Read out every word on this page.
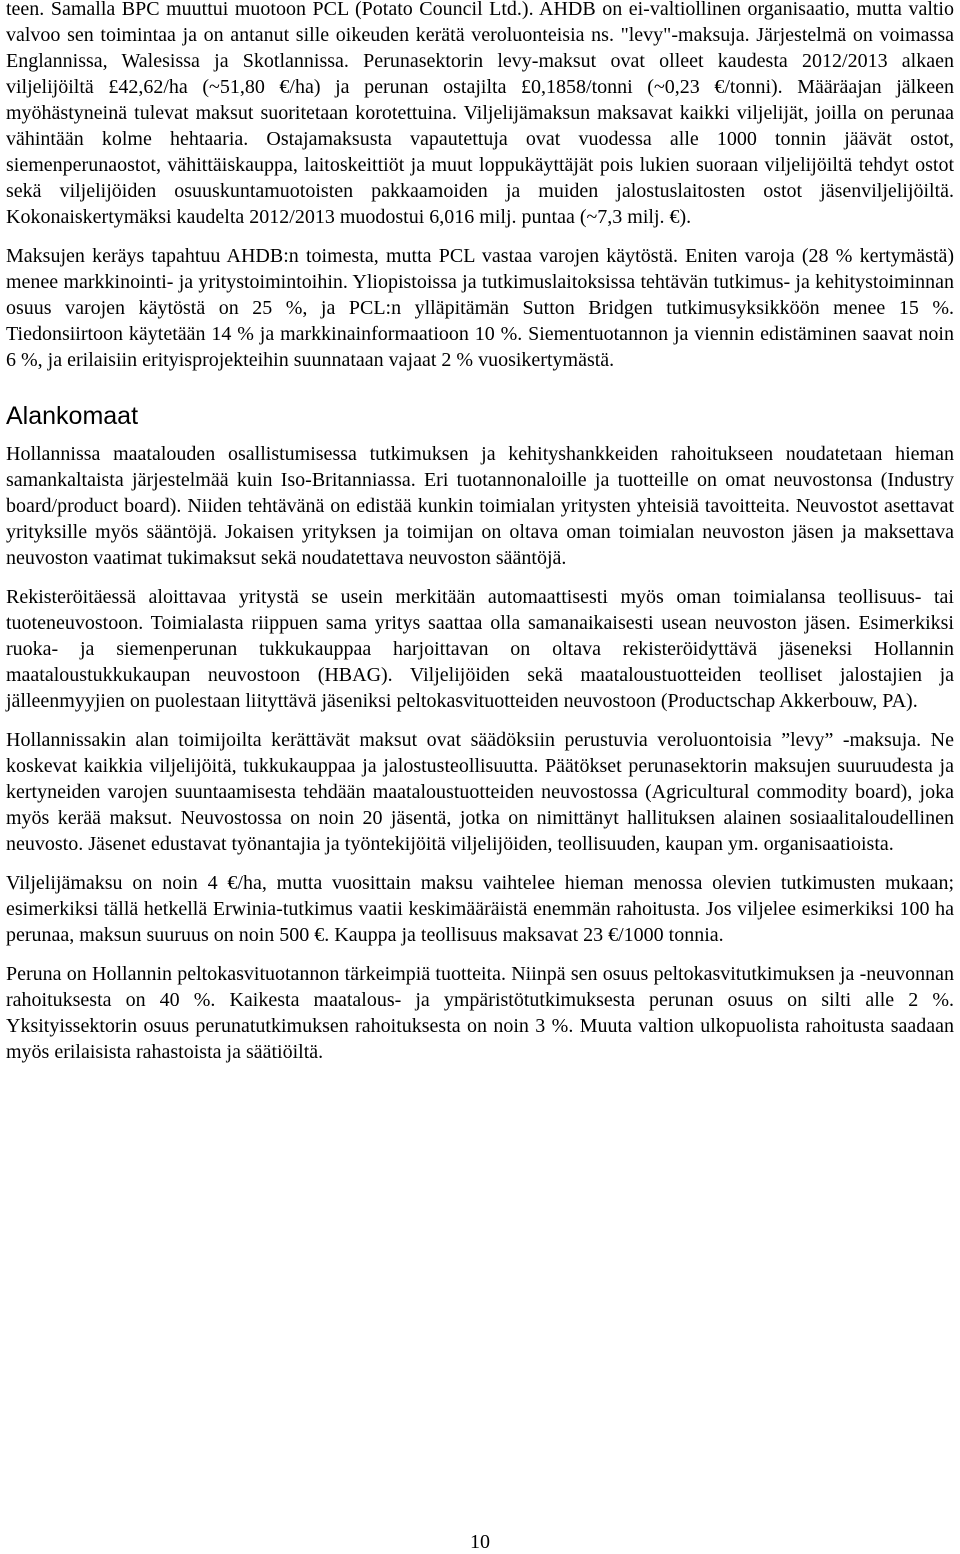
teen. Samalla BPC muuttui muotoon PCL (Potato Council Ltd.). AHDB on ei-valtiollinen organisaatio, mutta valtio valvoo sen toimintaa ja on antanut sille oikeuden kerätä veroluonteisia ns. "levy"-maksuja. Järjestelmä on voimassa Englannissa, Walesissa ja Skotlannissa. Perunasektorin levy-maksut ovat olleet kaudesta 2012/2013 alkaen viljelijöiltä £42,62/ha (~51,80 €/ha) ja perunan ostajilta £0,1858/tonni (~0,23 €/tonni). Määräajan jälkeen myöhästyneinä tulevat maksut suoritetaan korotettuina. Viljelijämaksun maksavat kaikki viljelijät, joilla on perunaa vähintään kolme hehtaaria. Ostajamaksusta vapautettuja ovat vuodessa alle 1000 tonnin jäävät ostot, siemenperunaostot, vähittäiskauppa, laitoskeittiöt ja muut loppukäyttäjät pois lukien suoraan viljelijöiltä tehdyt ostot sekä viljelijöiden osuuskuntamuotoisten pakkaamoiden ja muiden jalostuslaitosten ostot jäsenviljelijöiltä. Kokonaiskertymäksi kaudelta 2012/2013 muodostui 6,016 milj. puntaa (~7,3 milj. €).

Maksujen keräys tapahtuu AHDB:n toimesta, mutta PCL vastaa varojen käytöstä. Eniten varoja (28 % kertymästä) menee markkinointi- ja yritystoimintoihin. Yliopistoissa ja tutkimuslaitoksissa tehtävän tutkimus- ja kehitystoiminnan osuus varojen käytöstä on 25 %, ja PCL:n ylläpitämän Sutton Bridgen tutkimusyksikköön menee 15 %. Tiedonsiirtoon käytetään 14 % ja markkinainformaatioon 10 %. Siementuotannon ja viennin edistäminen saavat noin 6 %, ja erilaisiin erityisprojekteihin suunnataan vajaat 2 % vuosikertymästä.

Alankomaat

Hollannissa maatalouden osallistumisessa tutkimuksen ja kehityshankkeiden rahoitukseen noudatetaan hieman samankaltaista järjestelmää kuin Iso-Britanniassa. Eri tuotannonaloille ja tuotteille on omat neuvostonsa (Industry board/product board). Niiden tehtävänä on edistää kunkin toimialan yritysten yhteisiä tavoitteita. Neuvostot asettavat yrityksille myös sääntöjä. Jokaisen yrityksen ja toimijan on oltava oman toimialan neuvoston jäsen ja maksettava neuvoston vaatimat tukimaksut sekä noudatettava neuvoston sääntöjä.

Rekisteröitäessä aloittavaa yritystä se usein merkitään automaattisesti myös oman toimialansa teollisuus- tai tuoteneuvostoon. Toimialasta riippuen sama yritys saattaa olla samanaikaisesti usean neuvoston jäsen. Esimerkiksi ruoka- ja siemenperunan tukkukauppaa harjoittavan on oltava rekisteröidyttävä jäseneksi Hollannin maataloustukkukaupan neuvostoon (HBAG). Viljelijöiden sekä maataloustuotteiden teolliset jalostajien ja jälleenmyyjien on puolestaan liityttävä jäseniksi peltokasvituotteiden neuvostoon (Productschap Akkerbouw, PA).

Hollannissakin alan toimijoilta kerättävät maksut ovat säädöksiin perustuvia veroluontoisia ”levy” -maksuja. Ne koskevat kaikkia viljelijöitä, tukkukauppaa ja jalostusteollisuutta. Päätökset perunasektorin maksujen suuruudesta ja kertyneiden varojen suuntaamisesta tehdään maataloustuotteiden neuvostossa (Agricultural commodity board), joka myös kerää maksut. Neuvostossa on noin 20 jäsentä, jotka on nimittänyt hallituksen alainen sosiaalitaloudellinen neuvosto. Jäsenet edustavat työnantajia ja työntekijöitä viljelijöiden, teollisuuden, kaupan ym. organisaatioista.

Viljelijämaksu on noin 4 €/ha, mutta vuosittain maksu vaihtelee hieman menossa olevien tutkimusten mukaan; esimerkiksi tällä hetkellä Erwinia-tutkimus vaatii keskimääräistä enemmän rahoitusta. Jos viljelee esimerkiksi 100 ha perunaa, maksun suuruus on noin 500 €. Kauppa ja teollisuus maksavat 23 €/1000 tonnia.

Peruna on Hollannin peltokasvituotannon tärkeimpiä tuotteita. Niinpä sen osuus peltokasvitutkimuksen ja -neuvonnan rahoituksesta on 40 %. Kaikesta maatalous- ja ympäristötutkimuksesta perunan osuus on silti alle 2 %. Yksityissektorin osuus perunatutkimuksen rahoituksesta on noin 3 %. Muuta valtion ulkopuolista rahoitusta saadaan myös erilaisista rahastoista ja säätiöiltä.

10
